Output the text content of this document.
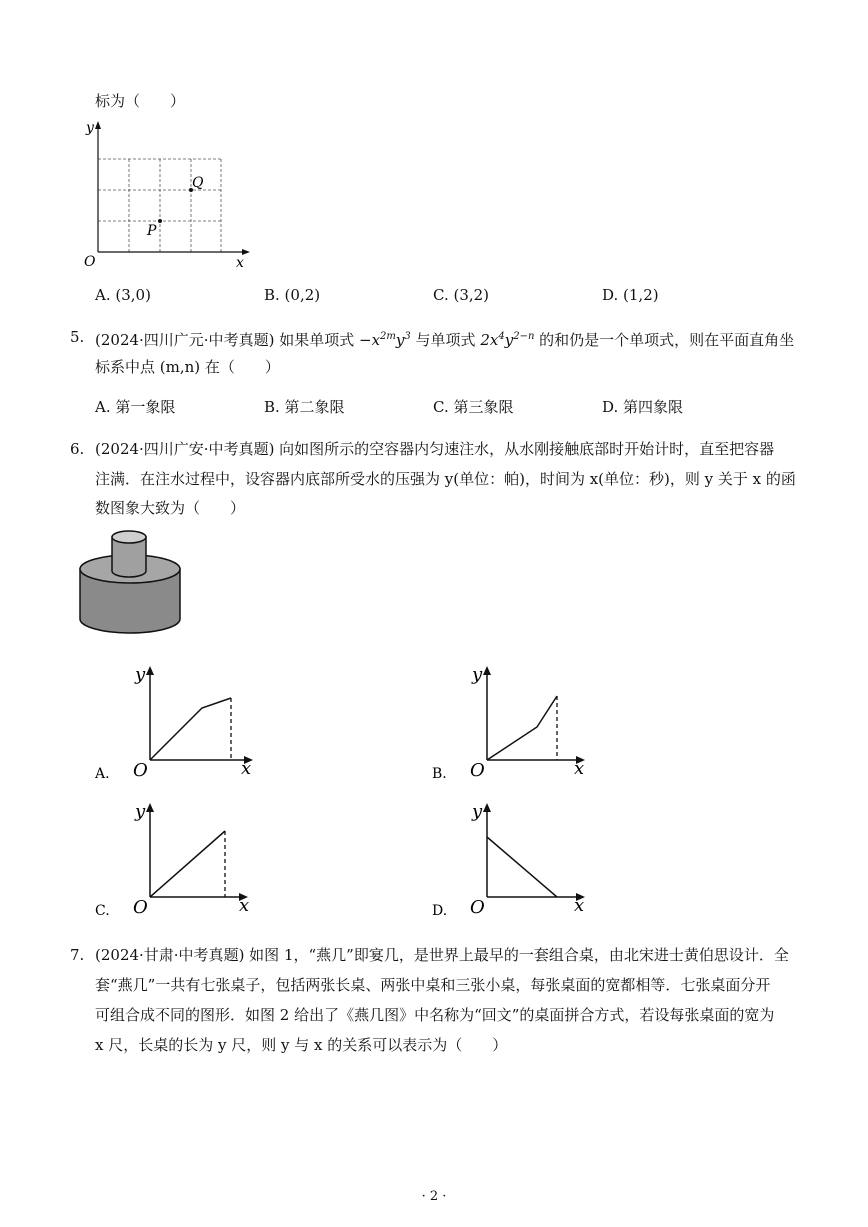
标为（　　）
y
x
O
P
Q
A. (3,0)	B. (0,2)	C. (3,2)	D. (1,2)
5. (2024·四川广元·中考真题) 如果单项式 $-x^{2m}y^3$ 与单项式 $2x^4y^{2-n}$ 的和仍是一个单项式，则在平面直角坐
标系中点 (m,n) 在（　　）
A. 第一象限	B. 第二象限	C. 第三象限	D. 第四象限
6. (2024·四川广安·中考真题) 向如图所示的空容器内匀速注水，从水刚接触底部时开始计时，直至把容器
注满．在注水过程中，设容器内底部所受水的压强为 y(单位：帕)，时间为 x(单位：秒)，则 y 关于 x 的函
数图象大致为（　　）
A.
y
x
O	B.
y
x
O
C.
y
x
O	D.
y
x
O
7. (2024·甘肃·中考真题) 如图 1，“燕几”即宴几，是世界上最早的一套组合桌，由北宋进士黄伯思设计．全
套“燕几”一共有七张桌子，包括两张长桌、两张中桌和三张小桌，每张桌面的宽都相等．七张桌面分开
可组合成不同的图形．如图 2 给出了《燕几图》中名称为“回文”的桌面拼合方式，若设每张桌面的宽为
x 尺，长桌的长为 y 尺，则 y 与 x 的关系可以表示为（　　）
· 2 ·
